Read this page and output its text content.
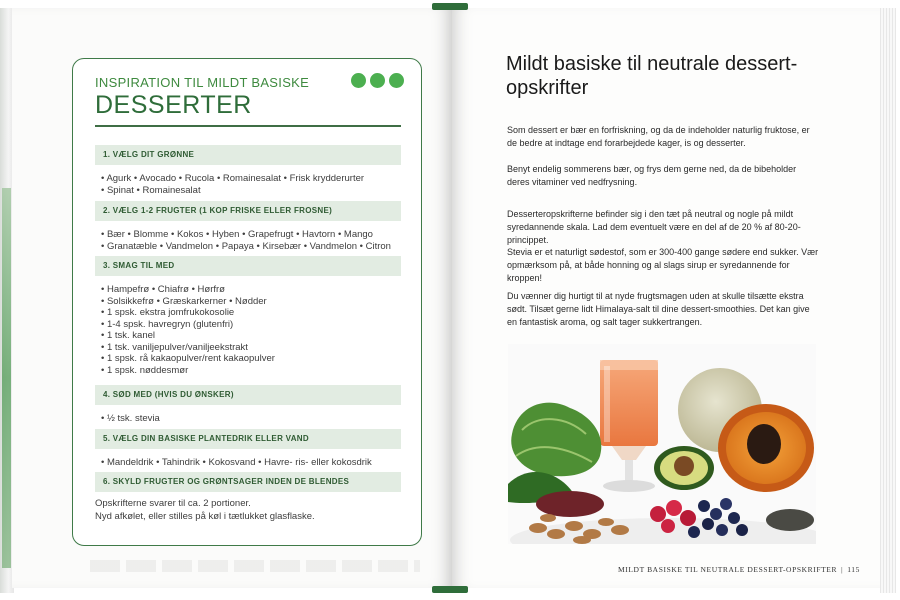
INSPIRATION TIL MILDT BASISKE
DESSERTER
1. VÆLG DIT GRØNNE
• Agurk • Avocado • Rucola • Romainesalat • Frisk krydderurter
• Spinat • Romainesalat
2. VÆLG 1-2 FRUGTER (1 KOP FRISKE ELLER FROSNE)
• Bær • Blomme • Kokos • Hyben • Grapefrugt • Havtorn • Mango
• Granatæble • Vandmelon • Papaya • Kirsebær • Vandmelon • Citron
3. SMAG TIL MED
• Hampefrø • Chiafrø • Hørfrø
• Solsikkefrø • Græskarkerner • Nødder
• 1 spsk. ekstra jomfrukokosolie
• 1-4 spsk. havregryn (glutenfri)
• 1 tsk. kanel
• 1 tsk. vaniljepulver/vaniljeekstrakt
• 1 spsk. rå kakaopulver/rent kakaopulver
• 1 spsk. nøddesmør
4. SØD MED (HVIS DU ØNSKER)
• ½ tsk. stevia
5. VÆLG DIN BASISKE PLANTEDRIK ELLER VAND
• Mandeldrik • Tahindrik • Kokosvand • Havre- ris- eller kokosdrik
6. SKYLD FRUGTER OG GRØNTSAGER INDEN DE BLENDES
Opskrifterne svarer til ca. 2 portioner.
Nyd afkølet, eller stilles på køl i tætlukket glasflaske.
Mildt basiske til neutrale dessert-opskrifter
Som dessert er bær en forfriskning, og da de indeholder naturlig fruktose, er de bedre at indtage end forarbejdede kager, is og desserter.
Benyt endelig sommerens bær, og frys dem gerne ned, da de bibeholder deres vitaminer ved nedfrysning.
Desserteropskrifterne befinder sig i den tæt på neutral og nogle på mildt syredannende skala. Lad dem eventuelt være en del af de 20 % af 80-20-princippet.
Stevia er et naturligt sødestof, som er 300-400 gange sødere end sukker. Vær opmærksom på, at både honning og al slags sirup er syredannende for kroppen!
Du vænner dig hurtigt til at nyde frugtsmagen uden at skulle tilsætte ekstra sødt. Tilsæt gerne lidt Himalaya-salt til dine dessert-smoothies. Det kan give en fantastisk aroma, og salt tager sukkertrangen.
MILDT BASISKE TIL NEUTRALE DESSERT-OPSKRIFTER | 115
